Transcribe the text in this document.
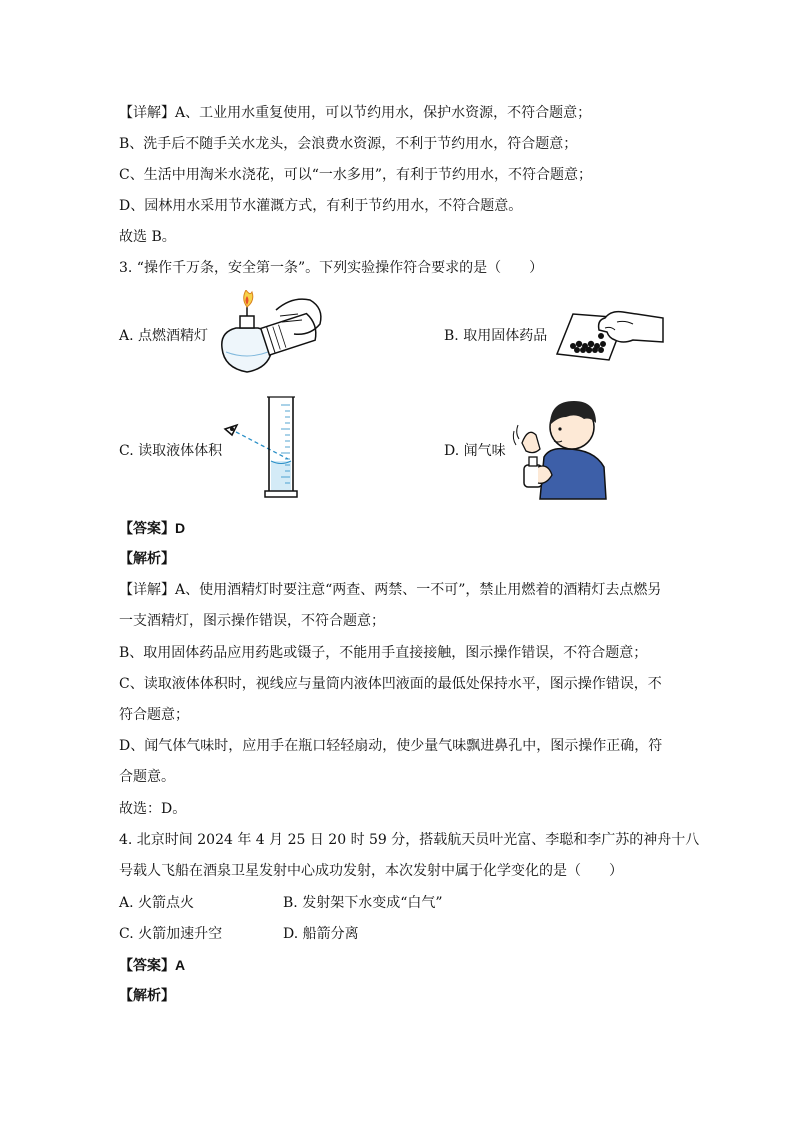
【详解】A、工业用水重复使用，可以节约用水，保护水资源，不符合题意；
B、洗手后不随手关水龙头，会浪费水资源，不利于节约用水，符合题意；
C、生活中用淘米水浇花，可以“一水多用”，有利于节约用水，不符合题意；
D、园林用水采用节水灌溉方式，有利于节约用水，不符合题意。
故选 B。
3. “操作千万条，安全第一条”。下列实验操作符合要求的是（　　）
A. 点燃酒精灯	B. 取用固体药品
C. 读取液体体积	D. 闻气味
【答案】D
【解析】
【详解】A、使用酒精灯时要注意“两查、两禁、一不可”，禁止用燃着的酒精灯去点燃另
一支酒精灯，图示操作错误，不符合题意；
B、取用固体药品应用药匙或镊子，不能用手直接接触，图示操作错误，不符合题意；
C、读取液体体积时，视线应与量筒内液体凹液面的最低处保持水平，图示操作错误，不
符合题意；
D、闻气体气味时，应用手在瓶口轻轻扇动，使少量气味飘进鼻孔中，图示操作正确，符
合题意。
故选：D。
4. 北京时间 2024 年 4 月 25 日 20 时 59 分，搭载航天员叶光富、李聪和李广苏的神舟十八
号载人飞船在酒泉卫星发射中心成功发射，本次发射中属于化学变化的是（　　）
A. 火箭点火	B. 发射架下水变成“白气”
C. 火箭加速升空	D. 船箭分离
【答案】A
【解析】
